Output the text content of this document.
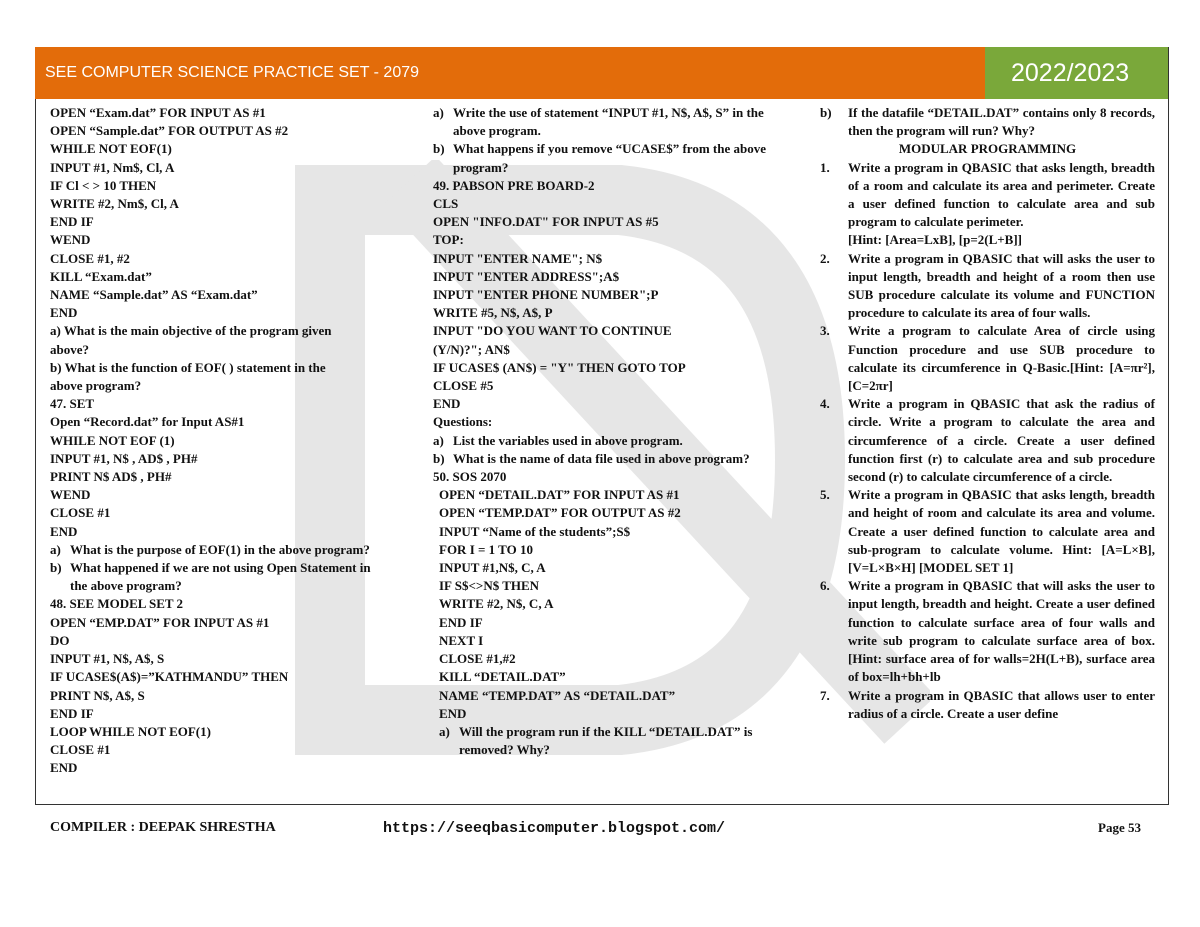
SEE COMPUTER SCIENCE PRACTICE SET - 2079	2022/2023
OPEN “Exam.dat” FOR INPUT AS #1
OPEN “Sample.dat” FOR OUTPUT AS #2
WHILE NOT EOF(1)
INPUT #1, Nm$, Cl, A
IF Cl < > 10 THEN
WRITE #2, Nm$, Cl, A
END IF
WEND
CLOSE #1, #2
KILL “Exam.dat”
NAME “Sample.dat” AS “Exam.dat”
END
a) What is the main objective of the program given
above?
b) What is the function of EOF( ) statement in the
above program?
47. SET
Open “Record.dat” for Input AS#1
WHILE NOT EOF (1)
INPUT #1, N$ , AD$ , PH#
PRINT N$ AD$ , PH#
WEND
CLOSE #1
END
a) What is the purpose of EOF(1) in the above program?
b) What happened if we are not using Open Statement in the above program?
48. SEE MODEL SET 2
OPEN “EMP.DAT” FOR INPUT AS #1
DO
INPUT #1, N$, A$, S
IF UCASE$(A$)=”KATHMANDU” THEN
PRINT N$, A$, S
END IF
LOOP WHILE NOT EOF(1)
CLOSE #1
END
a) Write the use of statement “INPUT #1, N$, A$, S” in the above program.
b) What happens if you remove “UCASE$” from the above program?
49. PABSON PRE BOARD-2
CLS
OPEN "INFO.DAT" FOR INPUT AS #5
TOP:
INPUT "ENTER NAME"; N$
INPUT "ENTER ADDRESS";A$
INPUT "ENTER PHONE NUMBER";P
WRITE #5, N$, A$, P
INPUT "DO YOU WANT TO CONTINUE
(Y/N)?"; AN$
IF UCASE$ (AN$) = "Y" THEN GOTO TOP
CLOSE #5
END
Questions:
a) List the variables used in above program.
b) What is the name of data file used in above program?
50. SOS 2070
OPEN “DETAIL.DAT” FOR INPUT AS #1
OPEN “TEMP.DAT” FOR OUTPUT AS #2
INPUT “Name of the students”;S$
FOR I = 1 TO 10
INPUT #1,N$, C, A
IF S$<>N$ THEN
WRITE #2, N$, C, A
END IF
NEXT I
CLOSE #1,#2
KILL “DETAIL.DAT”
NAME “TEMP.DAT” AS “DETAIL.DAT”
END
a) Will the program run if the KILL “DETAIL.DAT” is removed? Why?
b)	If the datafile “DETAIL.DAT” contains only 8 records, then the program will run? Why?
MODULAR PROGRAMMING
1.	Write a program in QBASIC that asks length, breadth of a room and calculate its area and perimeter. Create a user defined function to calculate area and sub program to calculate perimeter.
[Hint: [Area=LxB], [p=2(L+B]]
2.	Write a program in QBASIC that will asks the user to input length, breadth and height of a room then use SUB procedure calculate its volume and FUNCTION procedure to calculate its area of four walls.
3.	Write a program to calculate Area of circle using Function procedure and use SUB procedure to calculate its circumference in Q-Basic.[Hint: [A=πr²], [C=2πr]
4.	Write a program in QBASIC that ask the radius of circle. Write a program to calculate the area and circumference of a circle. Create a user defined function first (r) to calculate area and sub procedure second (r) to calculate circumference of a circle.
5.	Write a program in QBASIC that asks length, breadth and height of room and calculate its area and volume. Create a user defined function to calculate area and sub-program to calculate volume. Hint: [A=L×B], [V=L×B×H] [MODEL SET 1]
6.	Write a program in QBASIC that will asks the user to input length, breadth and height. Create a user defined function to calculate surface area of four walls and write sub program to calculate surface area of box. [Hint: surface area of for walls=2H(L+B), surface area of box=lh+bh+lb
7.	Write a program in QBASIC that allows user to enter radius of a circle. Create a user define
COMPILER : DEEPAK SHRESTHA	https://seeqbasicomputer.blogspot.com/	Page 53
